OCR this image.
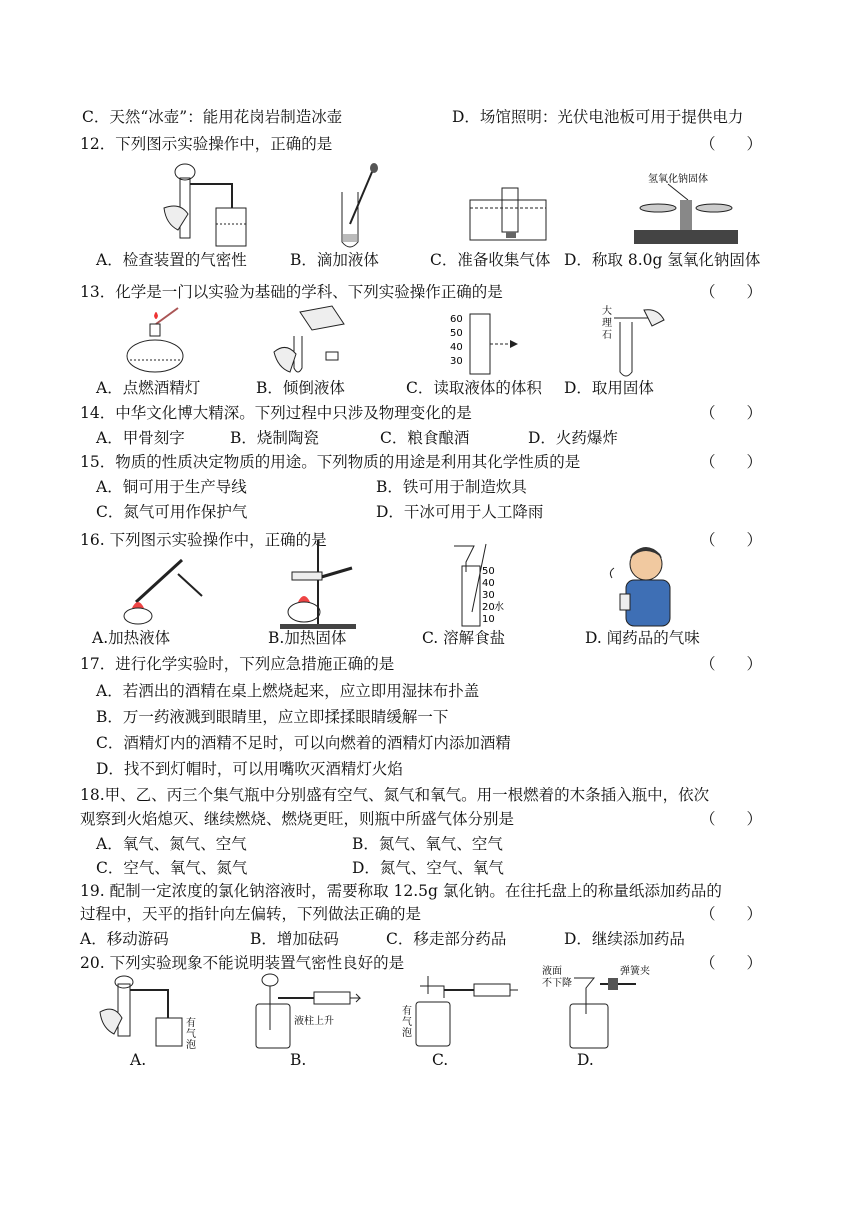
C．天然“冰壶”：能用花岗岩制造冰壶	D．场馆照明：光伏电池板可用于提供电力
12．下列图示实验操作中，正确的是	（　　）
氢氧化钠固体
A．检查装置的气密性	B．滴加液体	C．准备收集气体 D．称取 8.0g 氢氧化钠固体
13．化学是一门以实验为基础的学科、下列实验操作正确的是	（　　）
60
50
40
30
大
理
石
A．点燃酒精灯	B．倾倒液体	C．读取液体的体积 D．取用固体
14．中华文化博大精深。下列过程中只涉及物理变化的是	（　　）
A．甲骨刻字	B．烧制陶瓷	C．粮食酿酒	D．火药爆炸
15．物质的性质决定物质的用途。下列物质的用途是利用其化学性质的是	（　　）
A．铜可用于生产导线	B．铁可用于制造炊具
C．氮气可用作保护气	D．干冰可用于人工降雨
16. 下列图示实验操作中，正确的是	（　　）
50
40
30
20
10
水
A.加热液体	B.加热固体	C. 溶解食盐	D. 闻药品的气味
17．进行化学实验时，下列应急措施正确的是	（　　）
A．若洒出的酒精在桌上燃烧起来，应立即用湿抹布扑盖
B．万一药液溅到眼睛里，应立即揉揉眼睛缓解一下
C．酒精灯内的酒精不足时，可以向燃着的酒精灯内添加酒精
D．找不到灯帽时，可以用嘴吹灭酒精灯火焰
18.甲、乙、丙三个集气瓶中分别盛有空气、氮气和氧气。用一根燃着的木条插入瓶中，依次
观察到火焰熄灭、继续燃烧、燃烧更旺，则瓶中所盛气体分别是	（　　）
A．氧气、氮气、空气	B．氮气、氧气、空气
C．空气、氧气、氮气	D．氮气、空气、氧气
19. 配制一定浓度的氯化钠溶液时，需要称取 12.5g 氯化钠。在往托盘上的称量纸添加药品的
过程中，天平的指针向左偏转，下列做法正确的是	（　　）
A．移动游码	B．增加砝码	C．移走部分药品	D．继续添加药品
20. 下列实验现象不能说明装置气密性良好的是	（　　）
有
气
泡
液柱上升
有
气
泡
液面
不下降
弹簧夹
A.	B.	C.	D.
